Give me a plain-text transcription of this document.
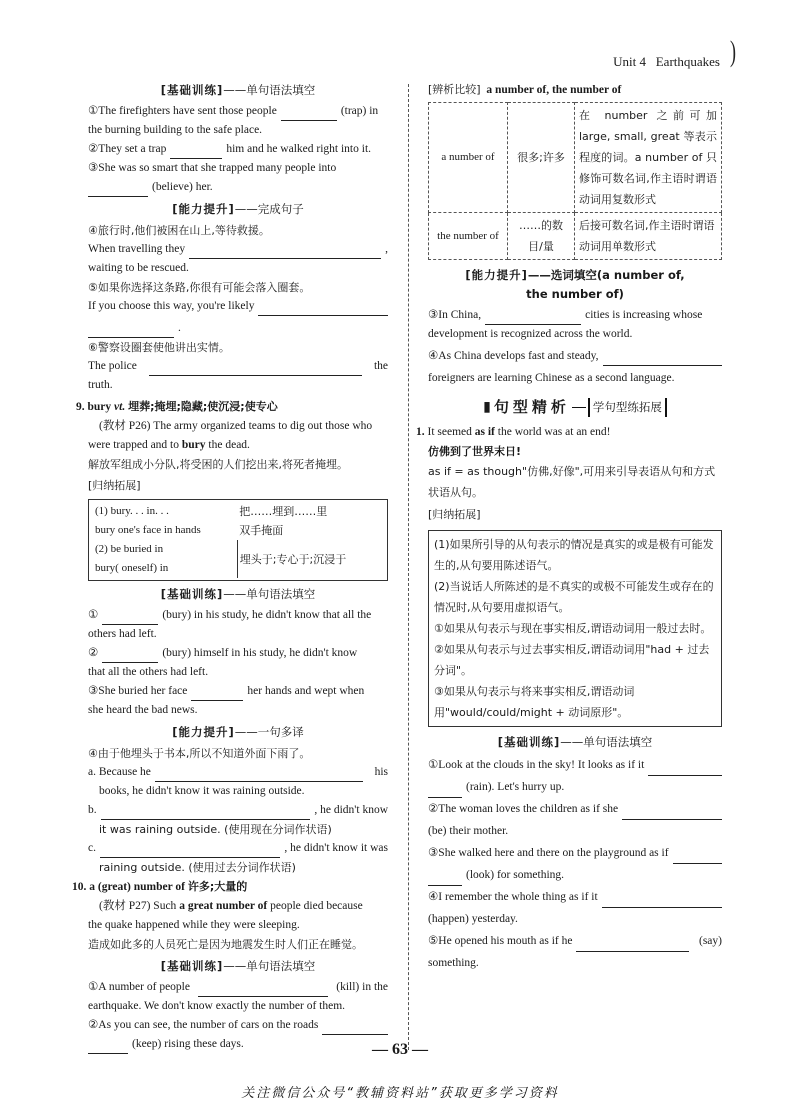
Unit 4 Earthquakes )
[基础训练]——单句语法填空
①The firefighters have sent those people	(trap) in

the burning building to the safe place.

②They set a trap	him and he walked right into it.

③She was so smart that she trapped many people into

(believe) her.
[能力提升]——完成句子

④旅行时,他们被困在山上,等待救援。

When travelling they	,

waiting to be rescued.

⑤如果你选择这条路,你很有可能会落入圈套。

If you choose this way, you're likely
.

⑥警察设圈套使他讲出实情。

The police	the

truth.

9. bury vt. 埋葬;掩埋;隐藏;使沉浸;使专心

(教材 P26) The army organized teams to dig out those who

were trapped and to bury the dead.

解放军组成小分队,将受困的人们挖出来,将死者掩埋。

[归纳拓展]
(1) bury. . . in. . .	把……埋到……里
bury one's face in hands	双手掩面

(2) be buried in
bury( oneself) in	埋头于;专心于;沉浸于
[基础训练]——单句语法填空
①	(bury) in his study, he didn't know that all the

others had left.

②	(bury) himself in his study, he didn't know

that all the others had left.

③She buried her face	her hands and wept when

she heard the bad news.

[能力提升]——一句多译

④由于他埋头于书本,所以不知道外面下雨了。

a. Because he	his

books, he didn't know it was raining outside.

b.	, he didn't know

it was raining outside. (使用现在分词作状语)

c.	, he didn't know it was

raining outside. (使用过去分词作状语)

10. a (great) number of 许多;大量的

(教材 P27) Such a great number of people died because

the quake happened while they were sleeping.

造成如此多的人员死亡是因为地震发生时人们正在睡觉。

[基础训练]——单句语法填空
①A number of people	(kill) in the

earthquake. We don't know exactly the number of them.

②As you can see, the number of cars on the roads
(keep) rising these days.

[辨析比较] a number of, the number of

a number of	很多;许多	在 number 之前可加 large, small, great 等表示程度的词。a number of 只修饰可数名词,作主语时谓语动词用复数形式
the number of	……的数目/量	后接可数名词,作主语时谓语动词用单数形式
[能力提升]——选词填空(a number of,
the number of)
③In China,	cities is increasing whose

development is recognized across the world.

④As China develops fast and steady,

foreigners are learning Chinese as a second language.

▮ 句型精析	学句型练拓展

1. It seemed as if the world was at an end!

仿佛到了世界末日!

as if = as though"仿佛,好像",可用来引导表语从句和方式状语从句。

[归纳拓展]
(1)如果所引导的从句表示的情况是真实的或是极有可能发生的,从句要用陈述语气。
(2)当说话人所陈述的是不真实的或极不可能发生或存在的情况时,从句要用虚拟语气。
①如果从句表示与现在事实相反,谓语动词用一般过去时。
②如果从句表示与过去事实相反,谓语动词用"had + 过去分词"。
③如果从句表示与将来事实相反,谓语动词用"would/could/might + 动词原形"。
[基础训练]——单句语法填空
①Look at the clouds in the sky! It looks as if it
(rain). Let's hurry up.
②The woman loves the children as if she

(be) their mother.

③She walked here and there on the playground as if
(look) for something.
④I remember the whole thing as if it

(happen) yesterday.

⑤He opened his mouth as if he	(say)

something.

— 63 —
关注微信公众号“教辅资料站”获取更多学习资料
